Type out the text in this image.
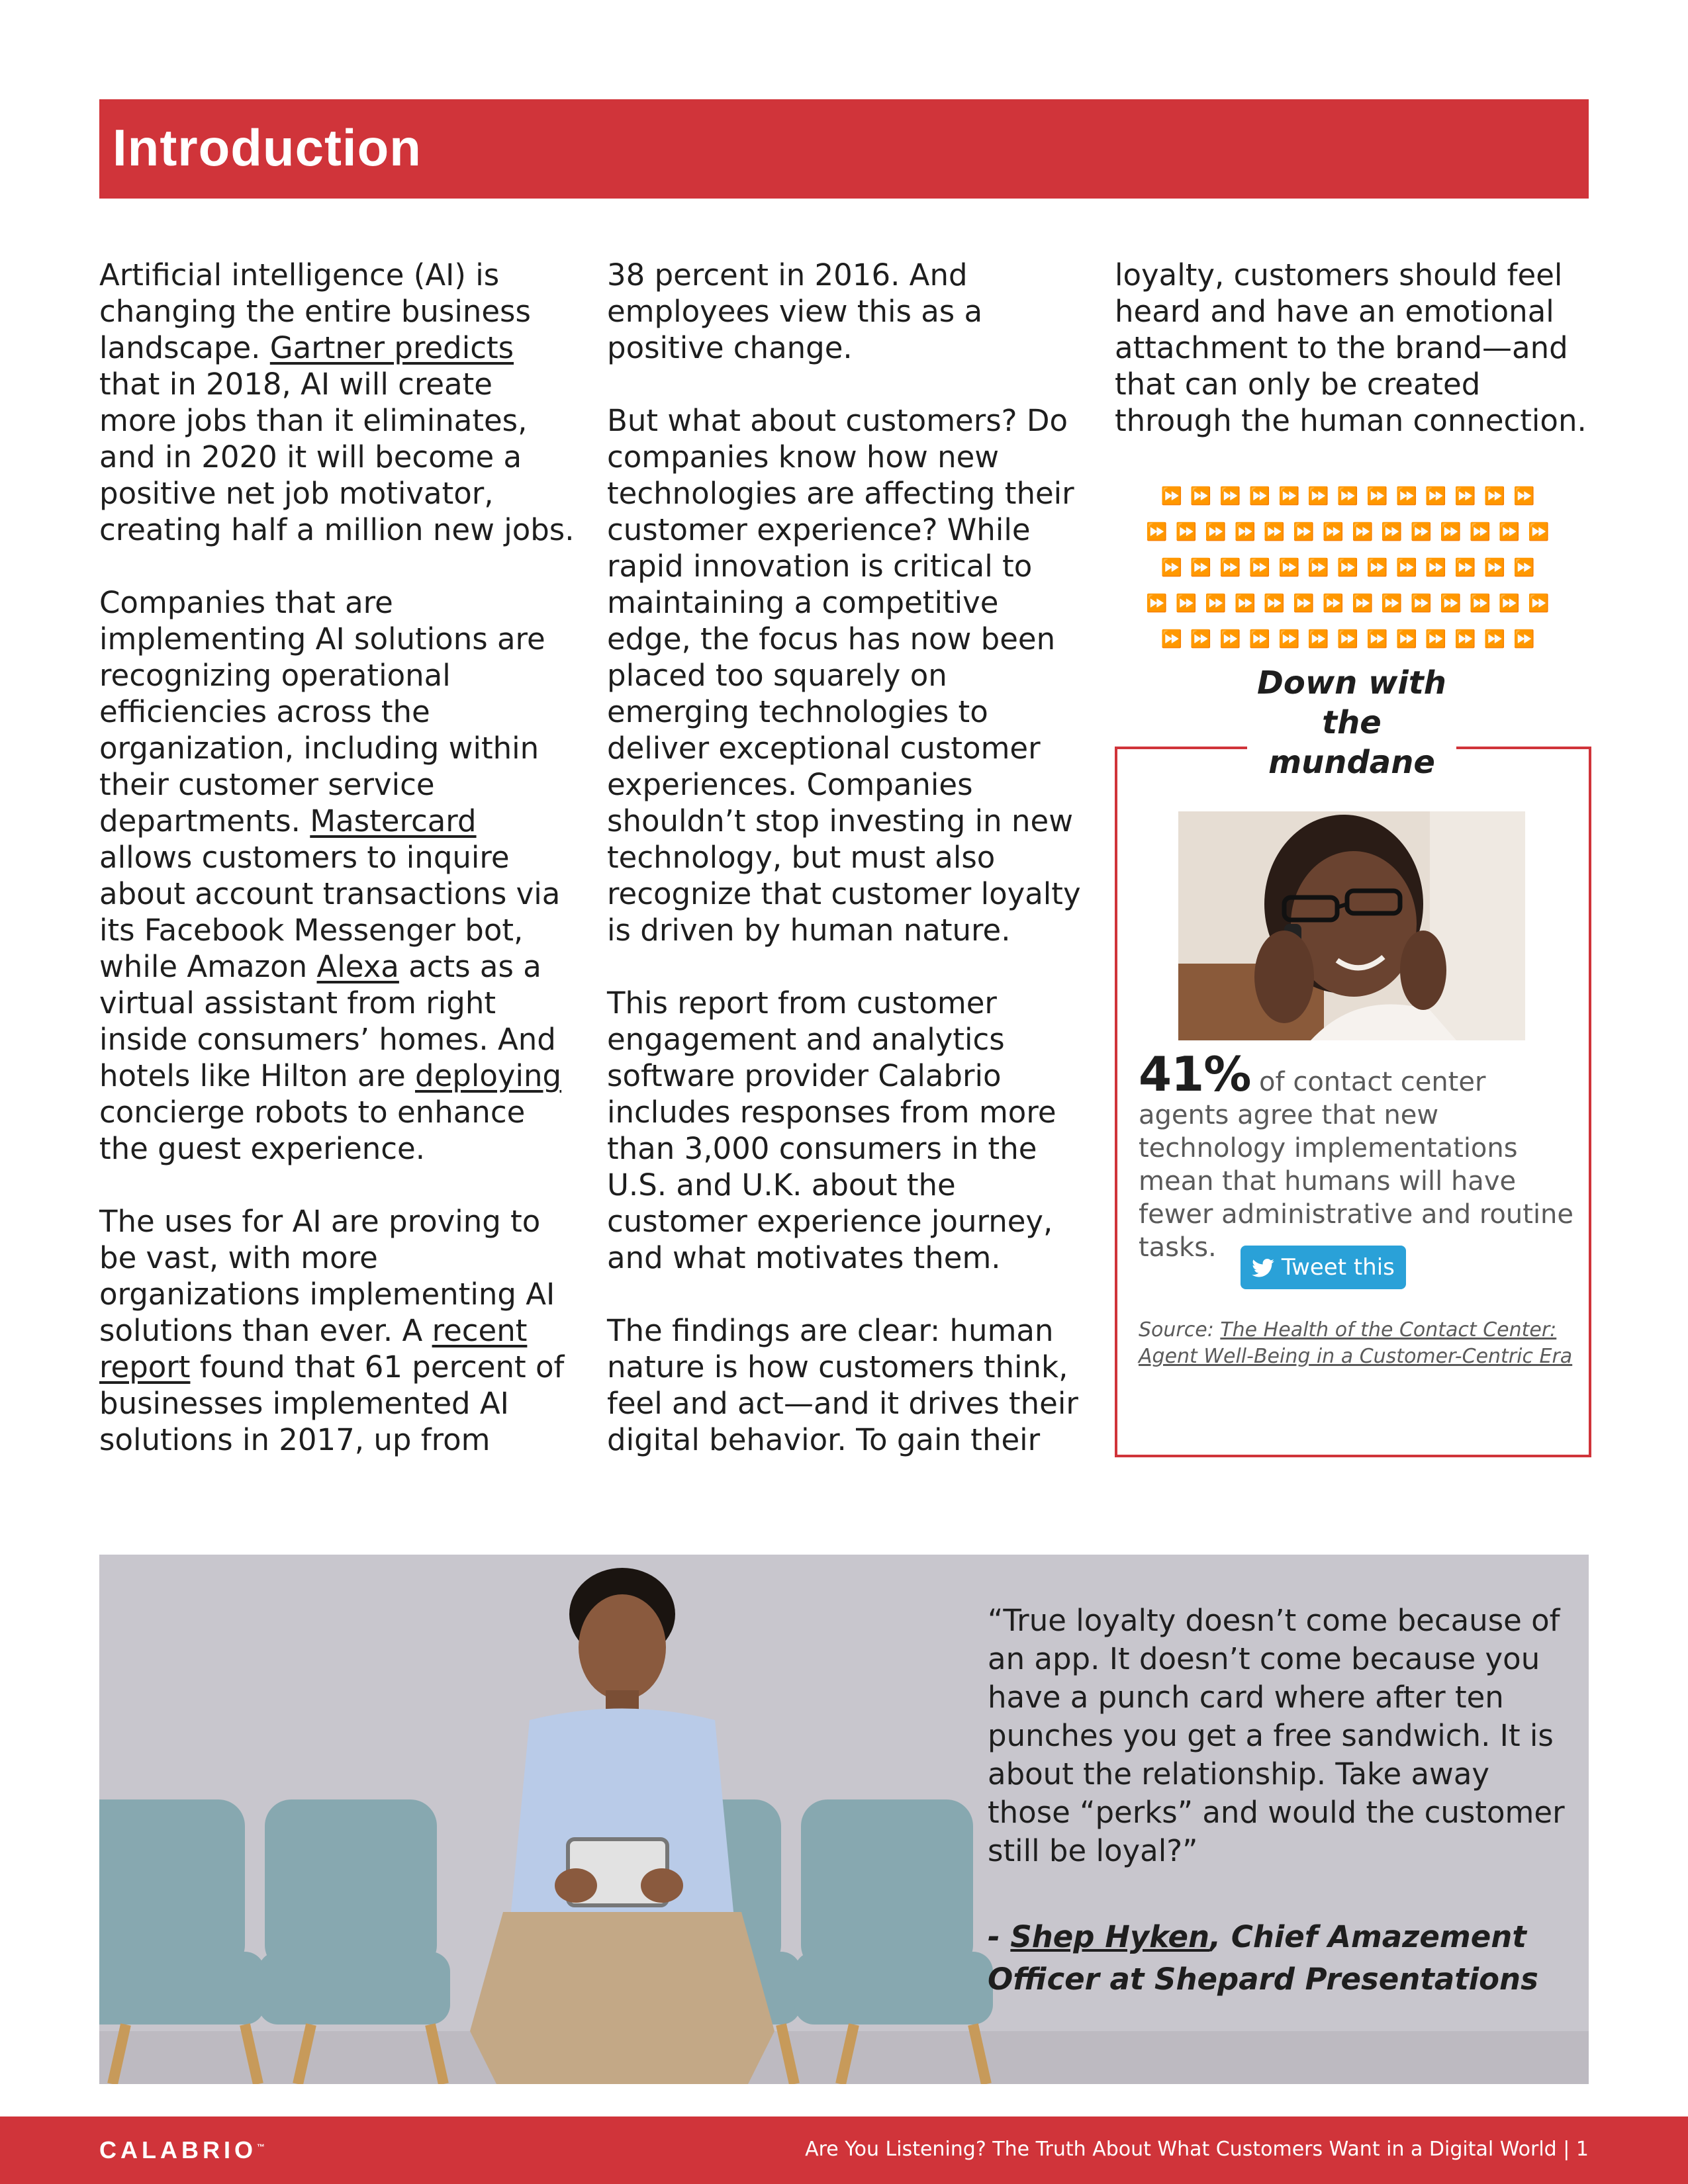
Introduction

Artificial intelligence (AI) is changing the entire business landscape. Gartner predicts that in 2018, AI will create more jobs than it eliminates, and in 2020 it will become a positive net job motivator, creating half a million new jobs.

Companies that are implementing AI solutions are recognizing operational efficiencies across the organization, including within their customer service departments. Mastercard allows customers to inquire about account transactions via its Facebook Messenger bot, while Amazon Alexa acts as a virtual assistant from right inside consumers’ homes. And hotels like Hilton are deploying concierge robots to enhance the guest experience.

The uses for AI are proving to be vast, with more organizations implementing AI solutions than ever. A recent report found that 61 percent of businesses implemented AI solutions in 2017, up from

38 percent in 2016. And employees view this as a positive change.

But what about customers? Do companies know how new technologies are affecting their customer experience? While rapid innovation is critical to maintaining a competitive edge, the focus has now been placed too squarely on emerging technologies to deliver exceptional customer experiences. Companies shouldn’t stop investing in new technology, but must also recognize that customer loyalty is driven by human nature.

This report from customer engagement and analytics software provider Calabrio includes responses from more than 3,000 consumers in the U.S. and U.K. about the customer experience journey, and what motivates them.

The findings are clear: human nature is how customers think, feel and act—and it drives their digital behavior. To gain their

loyalty, customers should feel heard and have an emotional attachment to the brand—and that can only be created through the human connection.

⏩⏩⏩⏩⏩⏩⏩⏩⏩⏩⏩⏩⏩
⏩⏩⏩⏩⏩⏩⏩⏩⏩⏩⏩⏩⏩⏩
⏩⏩⏩⏩⏩⏩⏩⏩⏩⏩⏩⏩⏩
⏩⏩⏩⏩⏩⏩⏩⏩⏩⏩⏩⏩⏩⏩
⏩⏩⏩⏩⏩⏩⏩⏩⏩⏩⏩⏩⏩
Down with the mundane
41% of contact center agents agree that new technology implementations mean that humans will have fewer administrative and routine tasks.
Tweet this
Source: The Health of the Contact Center: Agent Well-Being in a Customer-Centric Era
“True loyalty doesn’t come because of an app. It doesn’t come because you have a punch card where after ten punches you get a free sandwich. It is about the relationship. Take away those “perks” and would the customer still be loyal?”
- Shep Hyken, Chief Amazement Officer at Shepard Presentations
CALABRIO™	Are You Listening? The Truth About What Customers Want in a Digital World | 1
